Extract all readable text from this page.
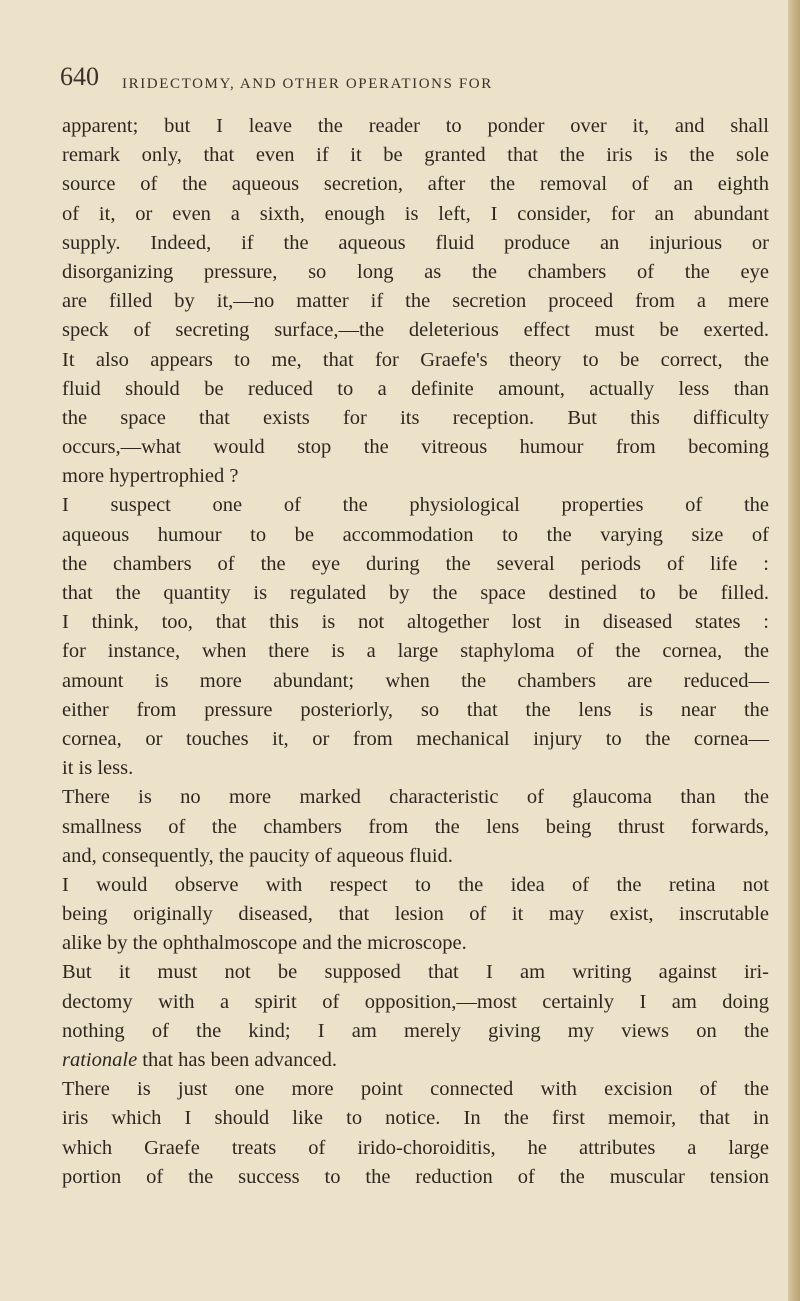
640 IRIDECTOMY, AND OTHER OPERATIONS FOR
apparent; but I leave the reader to ponder over it, and shall
remark only, that even if it be granted that the iris is the sole
source of the aqueous secretion, after the removal of an eighth
of it, or even a sixth, enough is left, I consider, for an abundant
supply. Indeed, if the aqueous fluid produce an injurious or
disorganizing pressure, so long as the chambers of the eye
are filled by it,—no matter if the secretion proceed from a mere
speck of secreting surface,—the deleterious effect must be exerted.
It also appears to me, that for Graefe's theory to be correct, the
fluid should be reduced to a definite amount, actually less than
the space that exists for its reception. But this difficulty
occurs,—what would stop the vitreous humour from becoming
more hypertrophied ?
I suspect one of the physiological properties of the
aqueous humour to be accommodation to the varying size of
the chambers of the eye during the several periods of life :
that the quantity is regulated by the space destined to be filled.
I think, too, that this is not altogether lost in diseased states :
for instance, when there is a large staphyloma of the cornea, the
amount is more abundant; when the chambers are reduced—
either from pressure posteriorly, so that the lens is near the
cornea, or touches it, or from mechanical injury to the cornea—
it is less.
There is no more marked characteristic of glaucoma than the
smallness of the chambers from the lens being thrust forwards,
and, consequently, the paucity of aqueous fluid.
I would observe with respect to the idea of the retina not
being originally diseased, that lesion of it may exist, inscrutable
alike by the ophthalmoscope and the microscope.
But it must not be supposed that I am writing against iri-
dectomy with a spirit of opposition,—most certainly I am doing
nothing of the kind; I am merely giving my views on the
rationale that has been advanced.
There is just one more point connected with excision of the
iris which I should like to notice. In the first memoir, that in
which Graefe treats of irido-choroiditis, he attributes a large
portion of the success to the reduction of the muscular tension
